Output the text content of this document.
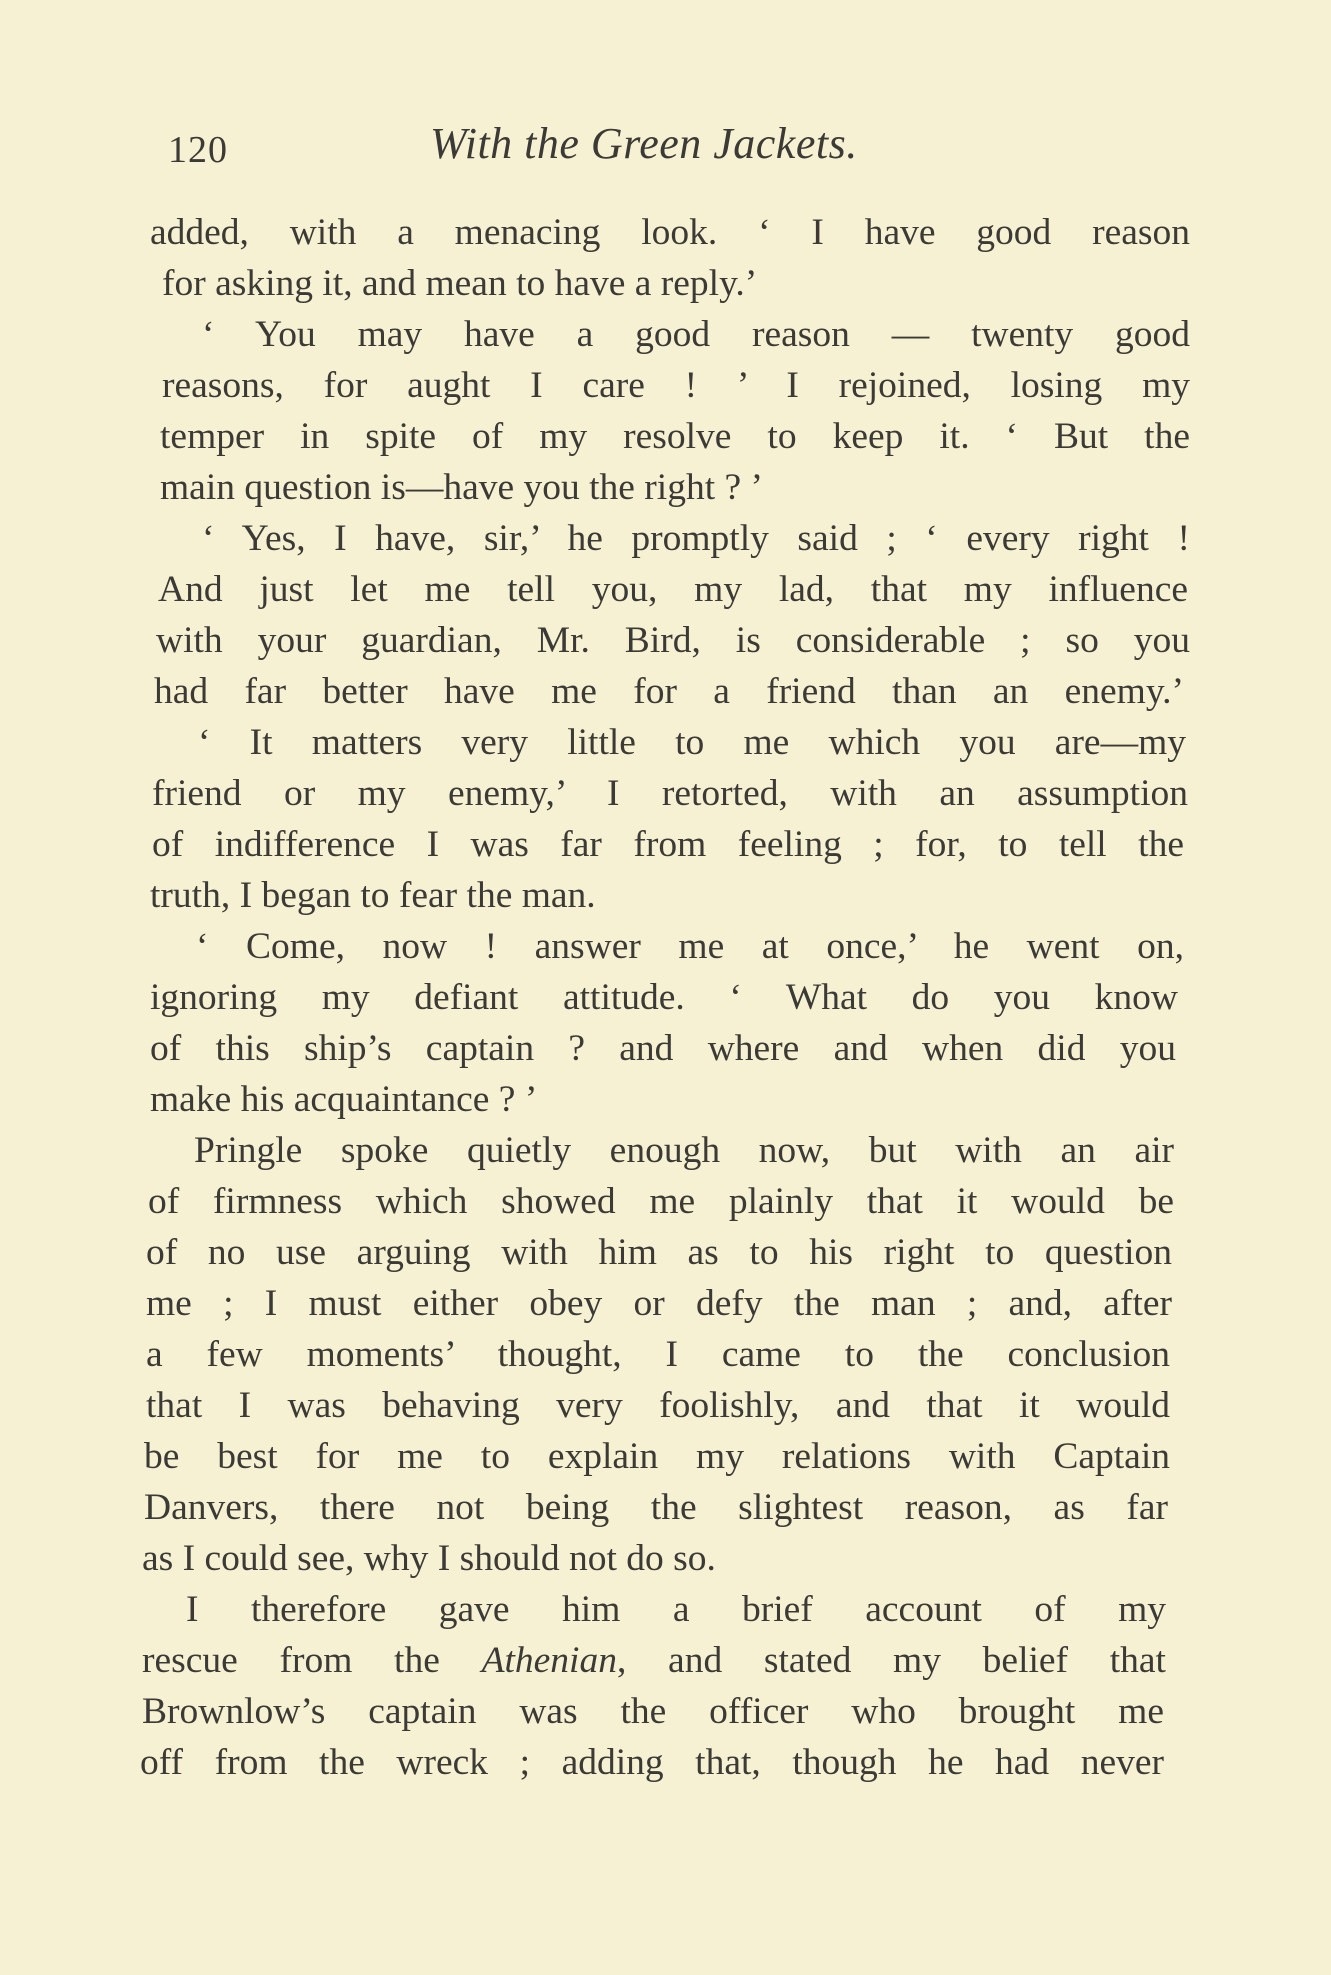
120	With the Green Jackets.
added, with a menacing look. ‘ I have good reason
for asking it, and mean to have a reply.’
‘ You may have a good reason — twenty good
reasons, for aught I care ! ’ I rejoined, losing my
temper in spite of my resolve to keep it. ‘ But the
main question is—have you the right ? ’
‘ Yes, I have, sir,’ he promptly said ; ‘ every right !
And just let me tell you, my lad, that my influence
with your guardian, Mr. Bird, is considerable ; so you
had far better have me for a friend than an enemy.’
‘ It matters very little to me which you are—my
friend or my enemy,’ I retorted, with an assumption
of indifference I was far from feeling ; for, to tell the
truth, I began to fear the man.
‘ Come, now ! answer me at once,’ he went on,
ignoring my defiant attitude. ‘ What do you know
of this ship’s captain ? and where and when did you
make his acquaintance ? ’
Pringle spoke quietly enough now, but with an air
of firmness which showed me plainly that it would be
of no use arguing with him as to his right to question
me ; I must either obey or defy the man ; and, after
a few moments’ thought, I came to the conclusion
that I was behaving very foolishly, and that it would
be best for me to explain my relations with Captain
Danvers, there not being the slightest reason, as far
as I could see, why I should not do so.
I therefore gave him a brief account of my
rescue from the Athenian, and stated my belief that
Brownlow’s captain was the officer who brought me
off from the wreck ; adding that, though he had never
